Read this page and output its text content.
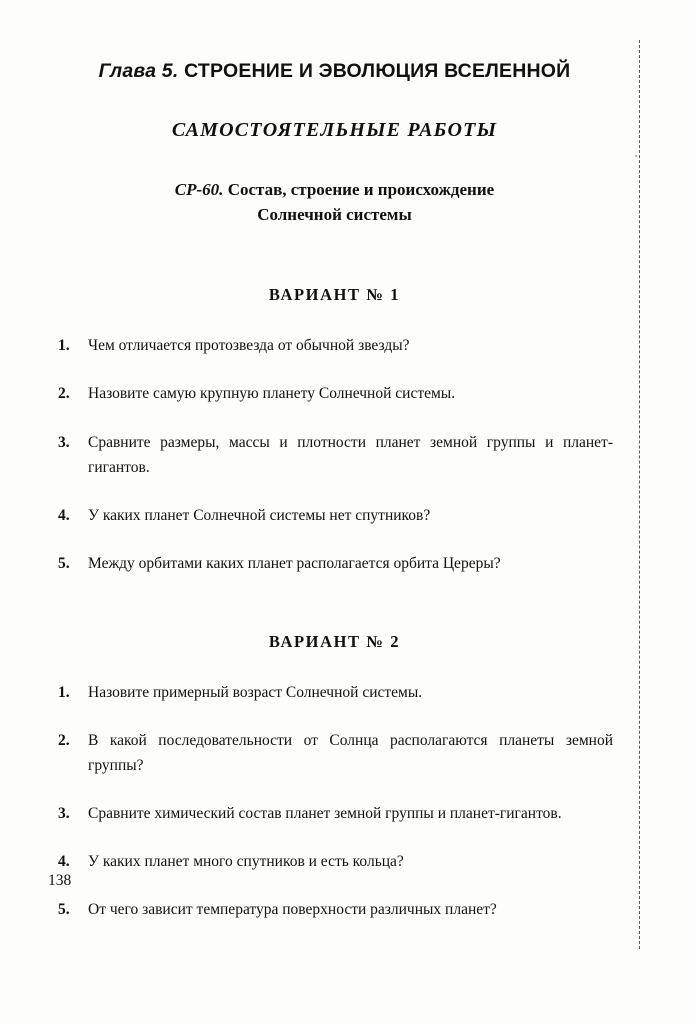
Глава 5. СТРОЕНИЕ И ЭВОЛЮЦИЯ ВСЕЛЕННОЙ
САМОСТОЯТЕЛЬНЫЕ РАБОТЫ
СР-60. Состав, строение и происхождение
Солнечной системы
ВАРИАНТ № 1
1.	Чем отличается протозвезда от обычной звезды?
2.	Назовите самую крупную планету Солнечной системы.
3.	Сравните размеры, массы и плотности планет земной группы и планет-гигантов.
4.	У каких планет Солнечной системы нет спутников?
5.	Между орбитами каких планет располагается орбита Цереры?
ВАРИАНТ № 2
1.	Назовите примерный возраст Солнечной системы.
2.	В какой последовательности от Солнца располагаются планеты земной группы?
3.	Сравните химический состав планет земной группы и планет-гигантов.
4.	У каких планет много спутников и есть кольца?
5.	От чего зависит температура поверхности различных планет?
138
